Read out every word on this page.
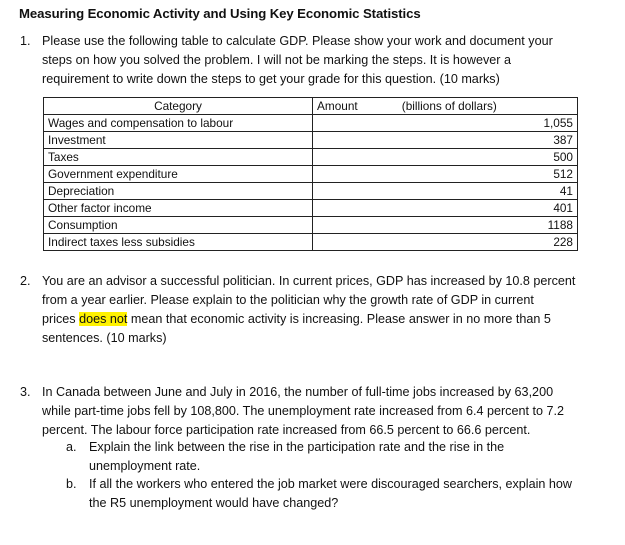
Measuring Economic Activity and Using Key Economic Statistics
1. Please use the following table to calculate GDP. Please show your work and document your
steps on how you solved the problem. I will not be marking the steps. It is however a
requirement to write down the steps to get your grade for this question. (10 marks)
Category	Amount	(billions of dollars)
Wages and compensation to labour	1,055	
Investment	387	
Taxes	500	
Government expenditure	512	
Depreciation	41	
Other factor income	401	
Consumption	1188	
Indirect taxes less subsidies	228	
2. You are an advisor a successful politician. In current prices, GDP has increased by 10.8 percent
from a year earlier. Please explain to the politician why the growth rate of GDP in current
prices does not mean that economic activity is increasing. Please answer in no more than 5
sentences. (10 marks)
3. In Canada between June and July in 2016, the number of full-time jobs increased by 63,200
while part-time jobs fell by 108,800. The unemployment rate increased from 6.4 percent to 7.2
percent. The labour force participation rate increased from 66.5 percent to 66.6 percent.
a. Explain the link between the rise in the participation rate and the rise in the
unemployment rate.
b. If all the workers who entered the job market were discouraged searchers, explain how
the R5 unemployment would have changed?
